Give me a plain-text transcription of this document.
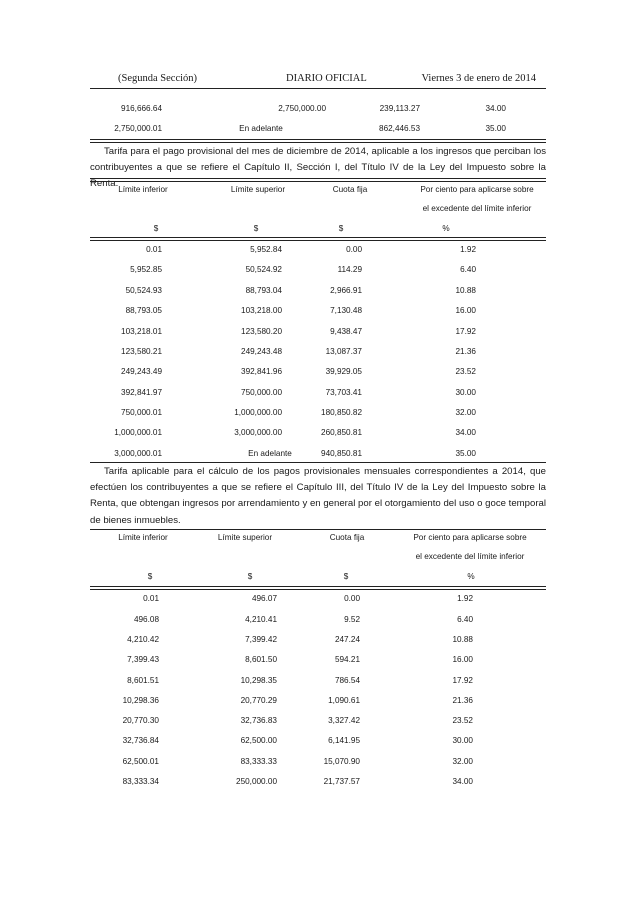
(Segunda Sección)	DIARIO OFICIAL	Viernes 3 de enero de 2014
916,666.64	2,750,000.00	239,113.27	34.00
2,750,000.01	En adelante	862,446.53	35.00

Tarifa para el pago provisional del mes de diciembre de 2014, aplicable a los ingresos que perciban los contribuyentes a que se refiere el Capítulo II, Sección I, del Título IV de la Ley del Impuesto sobre la Renta.

Límite inferior	Límite superior	Cuota fija	Por ciento para aplicarse sobre
el excedente del límite inferior
$	$	$	%
0.01	5,952.84	0.00	1.92
5,952.85	50,524.92	114.29	6.40
50,524.93	88,793.04	2,966.91	10.88
88,793.05	103,218.00	7,130.48	16.00
103,218.01	123,580.20	9,438.47	17.92
123,580.21	249,243.48	13,087.37	21.36
249,243.49	392,841.96	39,929.05	23.52
392,841.97	750,000.00	73,703.41	30.00
750,000.01	1,000,000.00	180,850.82	32.00
1,000,000.01	3,000,000.00	260,850.81	34.00
3,000,000.01	En adelante	940,850.81	35.00

Tarifa aplicable para el cálculo de los pagos provisionales mensuales correspondientes a 2014, que efectúen los contribuyentes a que se refiere el Capítulo III, del Título IV de la Ley del Impuesto sobre la Renta, que obtengan ingresos por arrendamiento y en general por el otorgamiento del uso o goce temporal de bienes inmuebles.

Límite inferior	Límite superior	Cuota fija	Por ciento para aplicarse sobre
el excedente del límite inferior
$	$	$	%
0.01	496.07	0.00	1.92
496.08	4,210.41	9.52	6.40
4,210.42	7,399.42	247.24	10.88
7,399.43	8,601.50	594.21	16.00
8,601.51	10,298.35	786.54	17.92
10,298.36	20,770.29	1,090.61	21.36
20,770.30	32,736.83	3,327.42	23.52
32,736.84	62,500.00	6,141.95	30.00
62,500.01	83,333.33	15,070.90	32.00
83,333.34	250,000.00	21,737.57	34.00
